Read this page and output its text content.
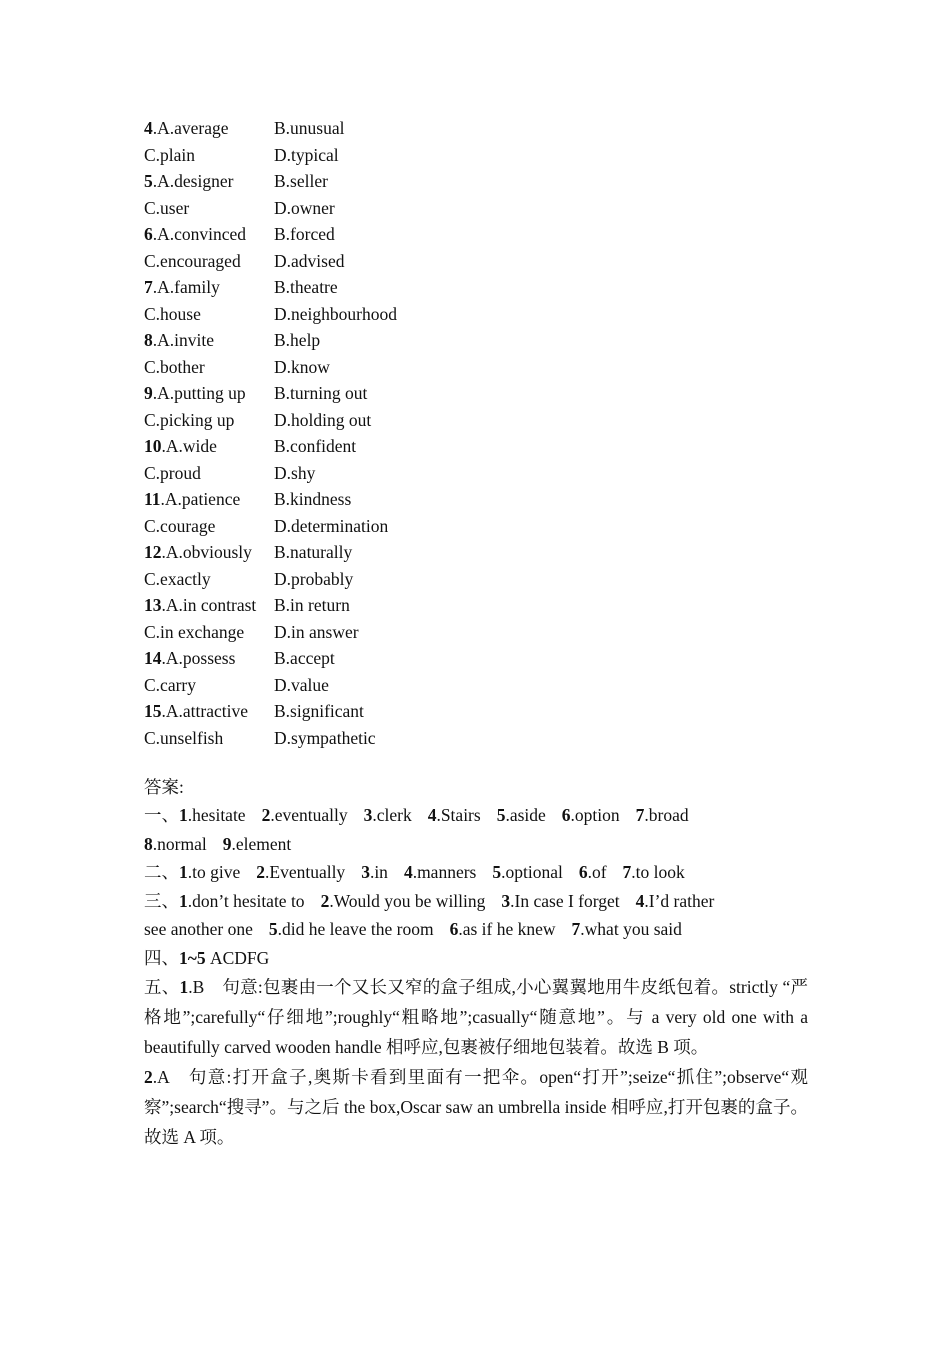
4.A.average	B.unusual
C.plain	D.typical
5.A.designer	B.seller
C.user	D.owner
6.A.convinced	B.forced
C.encouraged	D.advised
7.A.family	B.theatre
C.house	D.neighbourhood
8.A.invite	B.help
C.bother	D.know
9.A.putting up	B.turning out
C.picking up	D.holding out
10.A.wide	B.confident
C.proud	D.shy
11.A.patience	B.kindness
C.courage	D.determination
12.A.obviously	B.naturally
C.exactly	D.probably
13.A.in contrast	B.in return
C.in exchange	D.in answer
14.A.possess	B.accept
C.carry	D.value
15.A.attractive	B.significant
C.unselfish	D.sympathetic
答案:
一、1.hesitate 2.eventually 3.clerk 4.Stairs 5.aside 6.option 7.broad
8.normal 9.element
二、1.to give 2.Eventually 3.in 4.manners 5.optional 6.of 7.to look
三、1.don’t hesitate to 2.Would you be willing 3.In case I forget 4.I’d rather
see another one 5.did he leave the room 6.as if he knew 7.what you said
四、1~5 ACDFG
五、1.B　句意:包裹由一个又长又窄的盒子组成,小心翼翼地用牛皮纸包着。strictly “严格地”;carefully“仔细地”;roughly“粗略地”;casually“随意地”。与 a very old one with a beautifully carved wooden handle 相呼应,包裹被仔细地包装着。故选 B 项。
2.A　句意:打开盒子,奥斯卡看到里面有一把伞。open“打开”;seize“抓住”;observe“观察”;search“搜寻”。与之后 the box,Oscar saw an umbrella inside 相呼应,打开包裹的盒子。故选 A 项。
